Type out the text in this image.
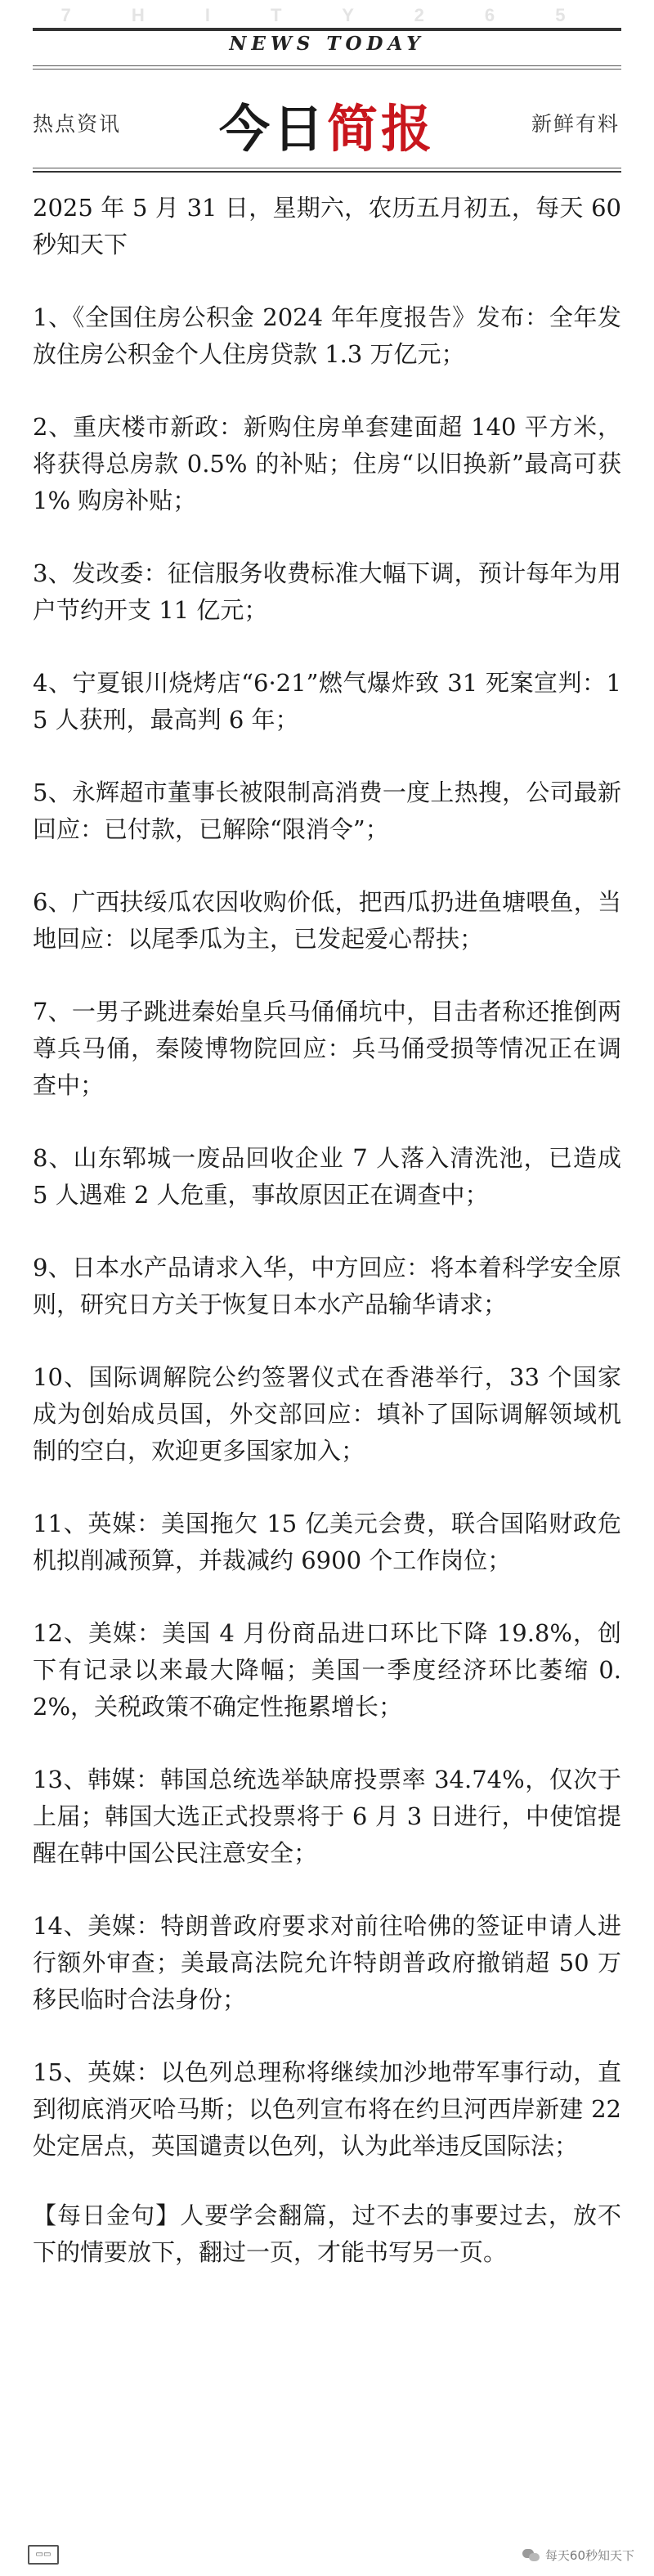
7 H I T Y 2 6 5
NEWS TODAY
热点资讯	今日简报	新鲜有料

2025 年 5 月 31 日，星期六，农历五月初五，每天 60 秒知天下

1、《全国住房公积金 2024 年年度报告》发布：全年发放住房公积金个人住房贷款 1.3 万亿元；

2、重庆楼市新政：新购住房单套建面超 140 平方米，将获得总房款 0.5% 的补贴；住房“以旧换新”最高可获 1% 购房补贴；

3、发改委：征信服务收费标准大幅下调，预计每年为用户节约开支 11 亿元；

4、宁夏银川烧烤店“6·21”燃气爆炸致 31 死案宣判：15 人获刑，最高判 6 年；

5、永辉超市董事长被限制高消费一度上热搜，公司最新回应：已付款，已解除“限消令”；

6、广西扶绥瓜农因收购价低，把西瓜扔进鱼塘喂鱼，当地回应：以尾季瓜为主，已发起爱心帮扶；

7、一男子跳进秦始皇兵马俑俑坑中，目击者称还推倒两尊兵马俑，秦陵博物院回应：兵马俑受损等情况正在调查中；

8、山东郓城一废品回收企业 7 人落入清洗池，已造成 5 人遇难 2 人危重，事故原因正在调查中；

9、日本水产品请求入华，中方回应：将本着科学安全原则，研究日方关于恢复日本水产品输华请求；

10、国际调解院公约签署仪式在香港举行，33 个国家成为创始成员国，外交部回应：填补了国际调解领域机制的空白，欢迎更多国家加入；

11、英媒：美国拖欠 15 亿美元会费，联合国陷财政危机拟削减预算，并裁减约 6900 个工作岗位；

12、美媒：美国 4 月份商品进口环比下降 19.8%，创下有记录以来最大降幅；美国一季度经济环比萎缩 0.2%，关税政策不确定性拖累增长；

13、韩媒：韩国总统选举缺席投票率 34.74%，仅次于上届；韩国大选正式投票将于 6 月 3 日进行，中使馆提醒在韩中国公民注意安全；

14、美媒：特朗普政府要求对前往哈佛的签证申请人进行额外审查；美最高法院允许特朗普政府撤销超 50 万移民临时合法身份；

15、英媒：以色列总理称将继续加沙地带军事行动，直到彻底消灭哈马斯；以色列宣布将在约旦河西岸新建 22 处定居点，英国谴责以色列，认为此举违反国际法；

【每日金句】人要学会翻篇，过不去的事要过去，放不下的情要放下，翻过一页，才能书写另一页。

▭▭	每天60秒知天下
